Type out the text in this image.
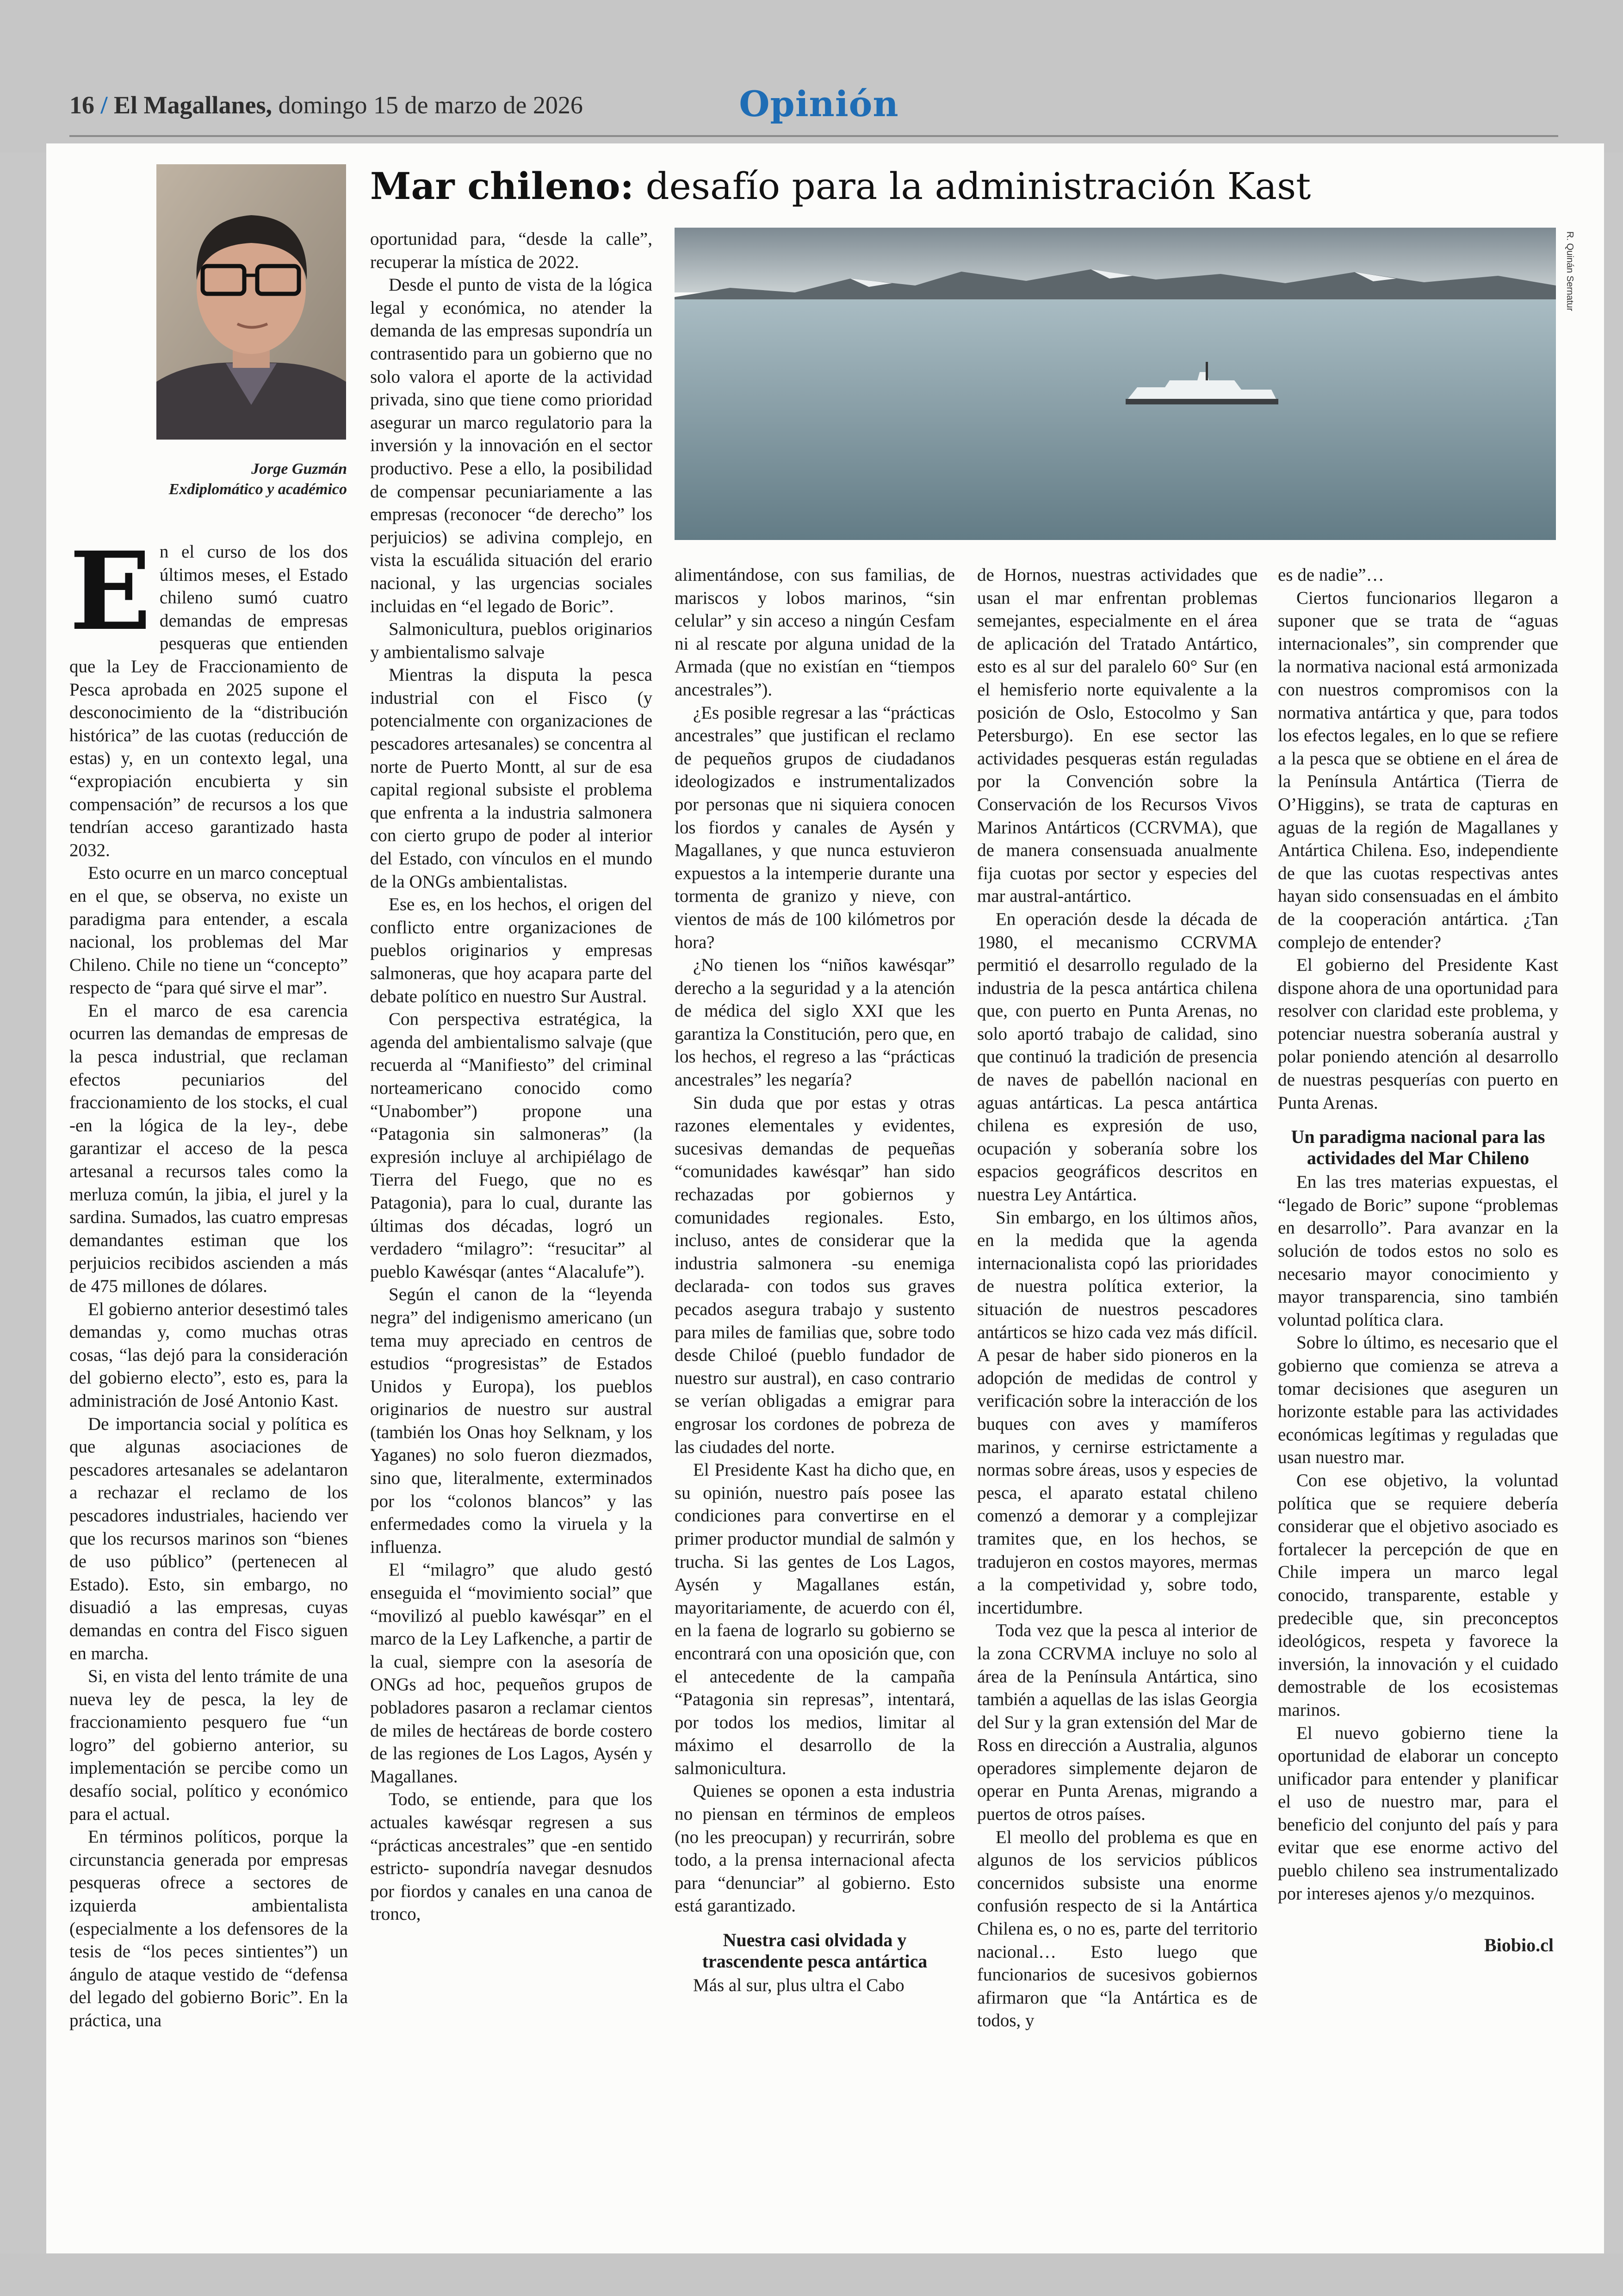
16 / El Magallanes, domingo 15 de marzo de 2026	Opinión
Jorge Guzmán
Exdiplomático y académico
Mar chileno: desafío para la administración Kast
R. Quinán Sernatur
E n el curso de los dos últimos meses, el Estado chileno sumó cuatro demandas de empresas pesqueras que entienden que la Ley de Fraccionamiento de Pesca aprobada en 2025 supone el desconocimiento de la “distribución histórica” de las cuotas (reducción de estas) y, en un contexto legal, una “expropiación encubierta y sin compensación” de recursos a los que tendrían acceso garantizado hasta 2032.

Esto ocurre en un marco conceptual en el que, se observa, no existe un paradigma para entender, a escala nacional, los problemas del Mar Chileno. Chile no tiene un “concepto” respecto de “para qué sirve el mar”.

En el marco de esa carencia ocurren las demandas de empresas de la pesca industrial, que reclaman efectos pecuniarios del fraccionamiento de los stocks, el cual -en la lógica de la ley-, debe garantizar el acceso de la pesca artesanal a recursos tales como la merluza común, la jibia, el jurel y la sardina. Sumados, las cuatro empresas demandantes estiman que los perjuicios recibidos ascienden a más de 475 millones de dólares.

El gobierno anterior desestimó tales demandas y, como muchas otras cosas, “las dejó para la consideración del gobierno electo”, esto es, para la administración de José Antonio Kast.

De importancia social y política es que algunas asociaciones de pescadores artesanales se adelantaron a rechazar el reclamo de los pescadores industriales, haciendo ver que los recursos marinos son “bienes de uso público” (pertenecen al Estado). Esto, sin embargo, no disuadió a las empresas, cuyas demandas en contra del Fisco siguen en marcha.

Si, en vista del lento trámite de una nueva ley de pesca, la ley de fraccionamiento pesquero fue “un logro” del gobierno anterior, su implementación se percibe como un desafío social, político y económico para el actual.

En términos políticos, porque la circunstancia generada por empresas pesqueras ofrece a sectores de izquierda ambientalista (especialmente a los defensores de la tesis de “los peces sintientes”) un ángulo de ataque vestido de “defensa del legado del gobierno Boric”. En la práctica, una

oportunidad para, “desde la calle”, recuperar la mística de 2022.

Desde el punto de vista de la lógica legal y económica, no atender la demanda de las empresas supondría un contrasentido para un gobierno que no solo valora el aporte de la actividad privada, sino que tiene como prioridad asegurar un marco regulatorio para la inversión y la innovación en el sector productivo. Pese a ello, la posibilidad de compensar pecuniariamente a las empresas (reconocer “de derecho” los perjuicios) se adivina complejo, en vista la escuálida situación del erario nacional, y las urgencias sociales incluidas en “el legado de Boric”.

Salmonicultura, pueblos originarios y ambientalismo salvaje

Mientras la disputa la pesca industrial con el Fisco (y potencialmente con organizaciones de pescadores artesanales) se concentra al norte de Puerto Montt, al sur de esa capital regional subsiste el problema que enfrenta a la industria salmonera con cierto grupo de poder al interior del Estado, con vínculos en el mundo de la ONGs ambientalistas.

Ese es, en los hechos, el origen del conflicto entre organizaciones de pueblos originarios y empresas salmoneras, que hoy acapara parte del debate político en nuestro Sur Austral.

Con perspectiva estratégica, la agenda del ambientalismo salvaje (que recuerda al “Manifiesto” del criminal norteamericano conocido como “Unabomber”) propone una “Patagonia sin salmoneras” (la expresión incluye al archipiélago de Tierra del Fuego, que no es Patagonia), para lo cual, durante las últimas dos décadas, logró un verdadero “milagro”: “resucitar” al pueblo Kawésqar (antes “Alacalufe”).

Según el canon de la “leyenda negra” del indigenismo americano (un tema muy apreciado en centros de estudios “progresistas” de Estados Unidos y Europa), los pueblos originarios de nuestro sur austral (también los Onas hoy Selknam, y los Yaganes) no solo fueron diezmados, sino que, literalmente, exterminados por los “colonos blancos” y las enfermedades como la viruela y la influenza.

El “milagro” que aludo gestó enseguida el “movimiento social” que “movilizó al pueblo kawésqar” en el marco de la Ley Lafkenche, a partir de la cual, siempre con la asesoría de ONGs ad hoc, pequeños grupos de pobladores pasaron a reclamar cientos de miles de hectáreas de borde costero de las regiones de Los Lagos, Aysén y Magallanes.

Todo, se entiende, para que los actuales kawésqar regresen a sus “prácticas ancestrales” que -en sentido estricto- supondría navegar desnudos por fiordos y canales en una canoa de tronco,

alimentándose, con sus familias, de mariscos y lobos marinos, “sin celular” y sin acceso a ningún Cesfam ni al rescate por alguna unidad de la Armada (que no existían en “tiempos ancestrales”).

¿Es posible regresar a las “prácticas ancestrales” que justifican el reclamo de pequeños grupos de ciudadanos ideologizados e instrumentalizados por personas que ni siquiera conocen los fiordos y canales de Aysén y Magallanes, y que nunca estuvieron expuestos a la intemperie durante una tormenta de granizo y nieve, con vientos de más de 100 kilómetros por hora?

¿No tienen los “niños kawésqar” derecho a la seguridad y a la atención de médica del siglo XXI que les garantiza la Constitución, pero que, en los hechos, el regreso a las “prácticas ancestrales” les negaría?

Sin duda que por estas y otras razones elementales y evidentes, sucesivas demandas de pequeñas “comunidades kawésqar” han sido rechazadas por gobiernos y comunidades regionales. Esto, incluso, antes de considerar que la industria salmonera -su enemiga declarada- con todos sus graves pecados asegura trabajo y sustento para miles de familias que, sobre todo desde Chiloé (pueblo fundador de nuestro sur austral), en caso contrario se verían obligadas a emigrar para engrosar los cordones de pobreza de las ciudades del norte.

El Presidente Kast ha dicho que, en su opinión, nuestro país posee las condiciones para convertirse en el primer productor mundial de salmón y trucha. Si las gentes de Los Lagos, Aysén y Magallanes están, mayoritariamente, de acuerdo con él, en la faena de lograrlo su gobierno se encontrará con una oposición que, con el antecedente de la campaña “Patagonia sin represas”, intentará, por todos los medios, limitar al máximo el desarrollo de la salmonicultura.

Quienes se oponen a esta industria no piensan en términos de empleos (no les preocupan) y recurrirán, sobre todo, a la prensa internacional afecta para “denunciar” al gobierno. Esto está garantizado.

Nuestra casi olvidada y trascendente pesca antártica

Más al sur, plus ultra el Cabo

de Hornos, nuestras actividades que usan el mar enfrentan problemas semejantes, especialmente en el área de aplicación del Tratado Antártico, esto es al sur del paralelo 60° Sur (en el hemisferio norte equivalente a la posición de Oslo, Estocolmo y San Petersburgo). En ese sector las actividades pesqueras están reguladas por la Convención sobre la Conservación de los Recursos Vivos Marinos Antárticos (CCRVMA), que de manera consensuada anualmente fija cuotas por sector y especies del mar austral-antártico.

En operación desde la década de 1980, el mecanismo CCRVMA permitió el desarrollo regulado de la industria de la pesca antártica chilena que, con puerto en Punta Arenas, no solo aportó trabajo de calidad, sino que continuó la tradición de presencia de naves de pabellón nacional en aguas antárticas. La pesca antártica chilena es expresión de uso, ocupación y soberanía sobre los espacios geográficos descritos en nuestra Ley Antártica.

Sin embargo, en los últimos años, en la medida que la agenda internacionalista copó las prioridades de nuestra política exterior, la situación de nuestros pescadores antárticos se hizo cada vez más difícil. A pesar de haber sido pioneros en la adopción de medidas de control y verificación sobre la interacción de los buques con aves y mamíferos marinos, y cernirse estrictamente a normas sobre áreas, usos y especies de pesca, el aparato estatal chileno comenzó a demorar y a complejizar tramites que, en los hechos, se tradujeron en costos mayores, mermas a la competividad y, sobre todo, incertidumbre.

Toda vez que la pesca al interior de la zona CCRVMA incluye no solo al área de la Península Antártica, sino también a aquellas de las islas Georgia del Sur y la gran extensión del Mar de Ross en dirección a Australia, algunos operadores simplemente dejaron de operar en Punta Arenas, migrando a puertos de otros países.

El meollo del problema es que en algunos de los servicios públicos concernidos subsiste una enorme confusión respecto de si la Antártica Chilena es, o no es, parte del territorio nacional… Esto luego que funcionarios de sucesivos gobiernos afirmaron que “la Antártica es de todos, y

es de nadie”…

Ciertos funcionarios llegaron a suponer que se trata de “aguas internacionales”, sin comprender que la normativa nacional está armonizada con nuestros compromisos con la normativa antártica y que, para todos los efectos legales, en lo que se refiere a la pesca que se obtiene en el área de la Península Antártica (Tierra de O’Higgins), se trata de capturas en aguas de la región de Magallanes y Antártica Chilena. Eso, independiente de que las cuotas respectivas antes hayan sido consensuadas en el ámbito de la cooperación antártica. ¿Tan complejo de entender?

El gobierno del Presidente Kast dispone ahora de una oportunidad para resolver con claridad este problema, y potenciar nuestra soberanía austral y polar poniendo atención al desarrollo de nuestras pesquerías con puerto en Punta Arenas.

Un paradigma nacional para las actividades del Mar Chileno

En las tres materias expuestas, el “legado de Boric” supone “problemas en desarrollo”. Para avanzar en la solución de todos estos no solo es necesario mayor conocimiento y mayor transparencia, sino también voluntad política clara.

Sobre lo último, es necesario que el gobierno que comienza se atreva a tomar decisiones que aseguren un horizonte estable para las actividades económicas legítimas y reguladas que usan nuestro mar.

Con ese objetivo, la voluntad política que se requiere debería considerar que el objetivo asociado es fortalecer la percepción de que en Chile impera un marco legal conocido, transparente, estable y predecible que, sin preconceptos ideológicos, respeta y favorece la inversión, la innovación y el cuidado demostrable de los ecosistemas marinos.

El nuevo gobierno tiene la oportunidad de elaborar un concepto unificador para entender y planificar el uso de nuestro mar, para el beneficio del conjunto del país y para evitar que ese enorme activo del pueblo chileno sea instrumentalizado por intereses ajenos y/o mezquinos.

Biobio.cl
